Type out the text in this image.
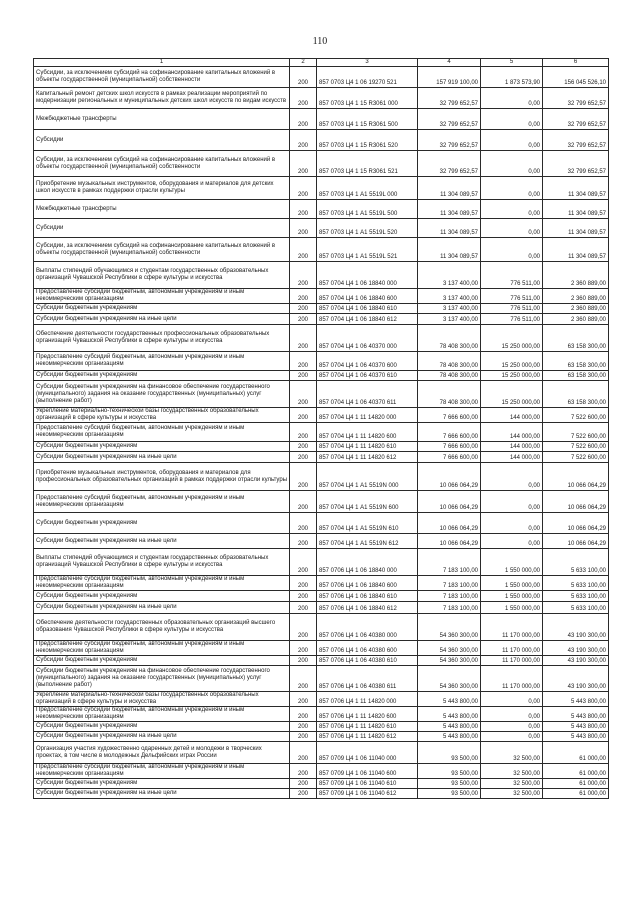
110
1	2	3	4	5	6
Субсидии, за исключением субсидий на софинансирование капитальных вложений в объекты государственной (муниципальной) собственности	200	857 0703 Ц4 1 06 19270 521	157 919 100,00	1 873 573,90	156 045 526,10
Капитальный ремонт детских школ искусств в рамках реализации мероприятий по модернизации региональных и муниципальных детских школ искусств по видам искусств	200	857 0703 Ц4 1 15 R3061 000	32 799 652,57	0,00	32 799 652,57
Межбюджетные трансферты	200	857 0703 Ц4 1 15 R3061 500	32 799 652,57	0,00	32 799 652,57
Субсидии	200	857 0703 Ц4 1 15 R3061 520	32 799 652,57	0,00	32 799 652,57
Субсидии, за исключением субсидий на софинансирование капитальных вложений в объекты государственной (муниципальной) собственности	200	857 0703 Ц4 1 15 R3061 521	32 799 652,57	0,00	32 799 652,57
Приобретение музыкальных инструментов, оборудования и материалов для детских школ искусств в рамках поддержки отрасли культуры	200	857 0703 Ц4 1 А1 5519L 000	11 304 089,57	0,00	11 304 089,57
Межбюджетные трансферты	200	857 0703 Ц4 1 А1 5519L 500	11 304 089,57	0,00	11 304 089,57
Субсидии	200	857 0703 Ц4 1 А1 5519L 520	11 304 089,57	0,00	11 304 089,57
Субсидии, за исключением субсидий на софинансирование капитальных вложений в объекты государственной (муниципальной) собственности	200	857 0703 Ц4 1 А1 5519L 521	11 304 089,57	0,00	11 304 089,57
Выплаты стипендий обучающимся и студентам государственных образовательных организаций Чувашской Республики в сфере культуры и искусства	200	857 0704 Ц4 1 06 18840 000	3 137 400,00	776 511,00	2 360 889,00
Предоставление субсидий бюджетным, автономным учреждениям и иным некоммерческим организациям	200	857 0704 Ц4 1 06 18840 600	3 137 400,00	776 511,00	2 360 889,00
Субсидии бюджетным учреждениям	200	857 0704 Ц4 1 06 18840 610	3 137 400,00	776 511,00	2 360 889,00
Субсидии бюджетным учреждениям на иные цели	200	857 0704 Ц4 1 06 18840 612	3 137 400,00	776 511,00	2 360 889,00
Обеспечение деятельности государственных профессиональных образовательных организаций Чувашской Республики в сфере культуры и искусства	200	857 0704 Ц4 1 06 40370 000	78 408 300,00	15 250 000,00	63 158 300,00
Предоставление субсидий бюджетным, автономным учреждениям и иным некоммерческим организациям	200	857 0704 Ц4 1 06 40370 600	78 408 300,00	15 250 000,00	63 158 300,00
Субсидии бюджетным учреждениям	200	857 0704 Ц4 1 06 40370 610	78 408 300,00	15 250 000,00	63 158 300,00
Субсидии бюджетным учреждениям на финансовое обеспечение государственного (муниципального) задания на оказание государственных (муниципальных) услуг (выполнение работ)	200	857 0704 Ц4 1 06 40370 611	78 408 300,00	15 250 000,00	63 158 300,00
Укрепление материально-технической базы государственных образовательных организаций в сфере культуры и искусства	200	857 0704 Ц4 1 11 14820 000	7 666 600,00	144 000,00	7 522 600,00
Предоставление субсидий бюджетным, автономным учреждениям и иным некоммерческим организациям	200	857 0704 Ц4 1 11 14820 600	7 666 600,00	144 000,00	7 522 600,00
Субсидии бюджетным учреждениям	200	857 0704 Ц4 1 11 14820 610	7 666 600,00	144 000,00	7 522 600,00
Субсидии бюджетным учреждениям на иные цели	200	857 0704 Ц4 1 11 14820 612	7 666 600,00	144 000,00	7 522 600,00
Приобретение музыкальных инструментов, оборудования и материалов для профессиональных образовательных организаций в рамках поддержки отрасли культуры	200	857 0704 Ц4 1 А1 5519N 000	10 066 064,29	0,00	10 066 064,29
Предоставление субсидий бюджетным, автономным учреждениям и иным некоммерческим организациям	200	857 0704 Ц4 1 А1 5519N 600	10 066 064,29	0,00	10 066 064,29
Субсидии бюджетным учреждениям	200	857 0704 Ц4 1 А1 5519N 610	10 066 064,29	0,00	10 066 064,29
Субсидии бюджетным учреждениям на иные цели	200	857 0704 Ц4 1 А1 5519N 612	10 066 064,29	0,00	10 066 064,29
Выплаты стипендий обучающимся и студентам государственных образовательных организаций Чувашской Республики в сфере культуры и искусства	200	857 0706 Ц4 1 06 18840 000	7 183 100,00	1 550 000,00	5 633 100,00
Предоставление субсидий бюджетным, автономным учреждениям и иным некоммерческим организациям	200	857 0706 Ц4 1 06 18840 600	7 183 100,00	1 550 000,00	5 633 100,00
Субсидии бюджетным учреждениям	200	857 0706 Ц4 1 06 18840 610	7 183 100,00	1 550 000,00	5 633 100,00
Субсидии бюджетным учреждениям на иные цели	200	857 0706 Ц4 1 06 18840 612	7 183 100,00	1 550 000,00	5 633 100,00
Обеспечение деятельности государственных образовательных организаций высшего образования Чувашской Республики в сфере культуры и искусства	200	857 0706 Ц4 1 06 40380 000	54 360 300,00	11 170 000,00	43 190 300,00
Предоставление субсидий бюджетным, автономным учреждениям и иным некоммерческим организациям	200	857 0706 Ц4 1 06 40380 600	54 360 300,00	11 170 000,00	43 190 300,00
Субсидии бюджетным учреждениям	200	857 0706 Ц4 1 06 40380 610	54 360 300,00	11 170 000,00	43 190 300,00
Субсидии бюджетным учреждениям на финансовое обеспечение государственного (муниципального) задания на оказание государственных (муниципальных) услуг (выполнение работ)	200	857 0706 Ц4 1 06 40380 611	54 360 300,00	11 170 000,00	43 190 300,00
Укрепление материально-технической базы государственных образовательных организаций в сфере культуры и искусства	200	857 0706 Ц4 1 11 14820 000	5 443 800,00	0,00	5 443 800,00
Предоставление субсидий бюджетным, автономным учреждениям и иным некоммерческим организациям	200	857 0706 Ц4 1 11 14820 600	5 443 800,00	0,00	5 443 800,00
Субсидии бюджетным учреждениям	200	857 0706 Ц4 1 11 14820 610	5 443 800,00	0,00	5 443 800,00
Субсидии бюджетным учреждениям на иные цели	200	857 0706 Ц4 1 11 14820 612	5 443 800,00	0,00	5 443 800,00
Организация участия художественно одаренных детей и молодежи в творческих проектах, в том числе в молодежных Дельфийских играх России	200	857 0709 Ц4 1 06 11040 000	93 500,00	32 500,00	61 000,00
Предоставление субсидий бюджетным, автономным учреждениям и иным некоммерческим организациям	200	857 0709 Ц4 1 06 11040 600	93 500,00	32 500,00	61 000,00
Субсидии бюджетным учреждениям	200	857 0709 Ц4 1 06 11040 610	93 500,00	32 500,00	61 000,00
Субсидии бюджетным учреждениям на иные цели	200	857 0709 Ц4 1 06 11040 612	93 500,00	32 500,00	61 000,00
